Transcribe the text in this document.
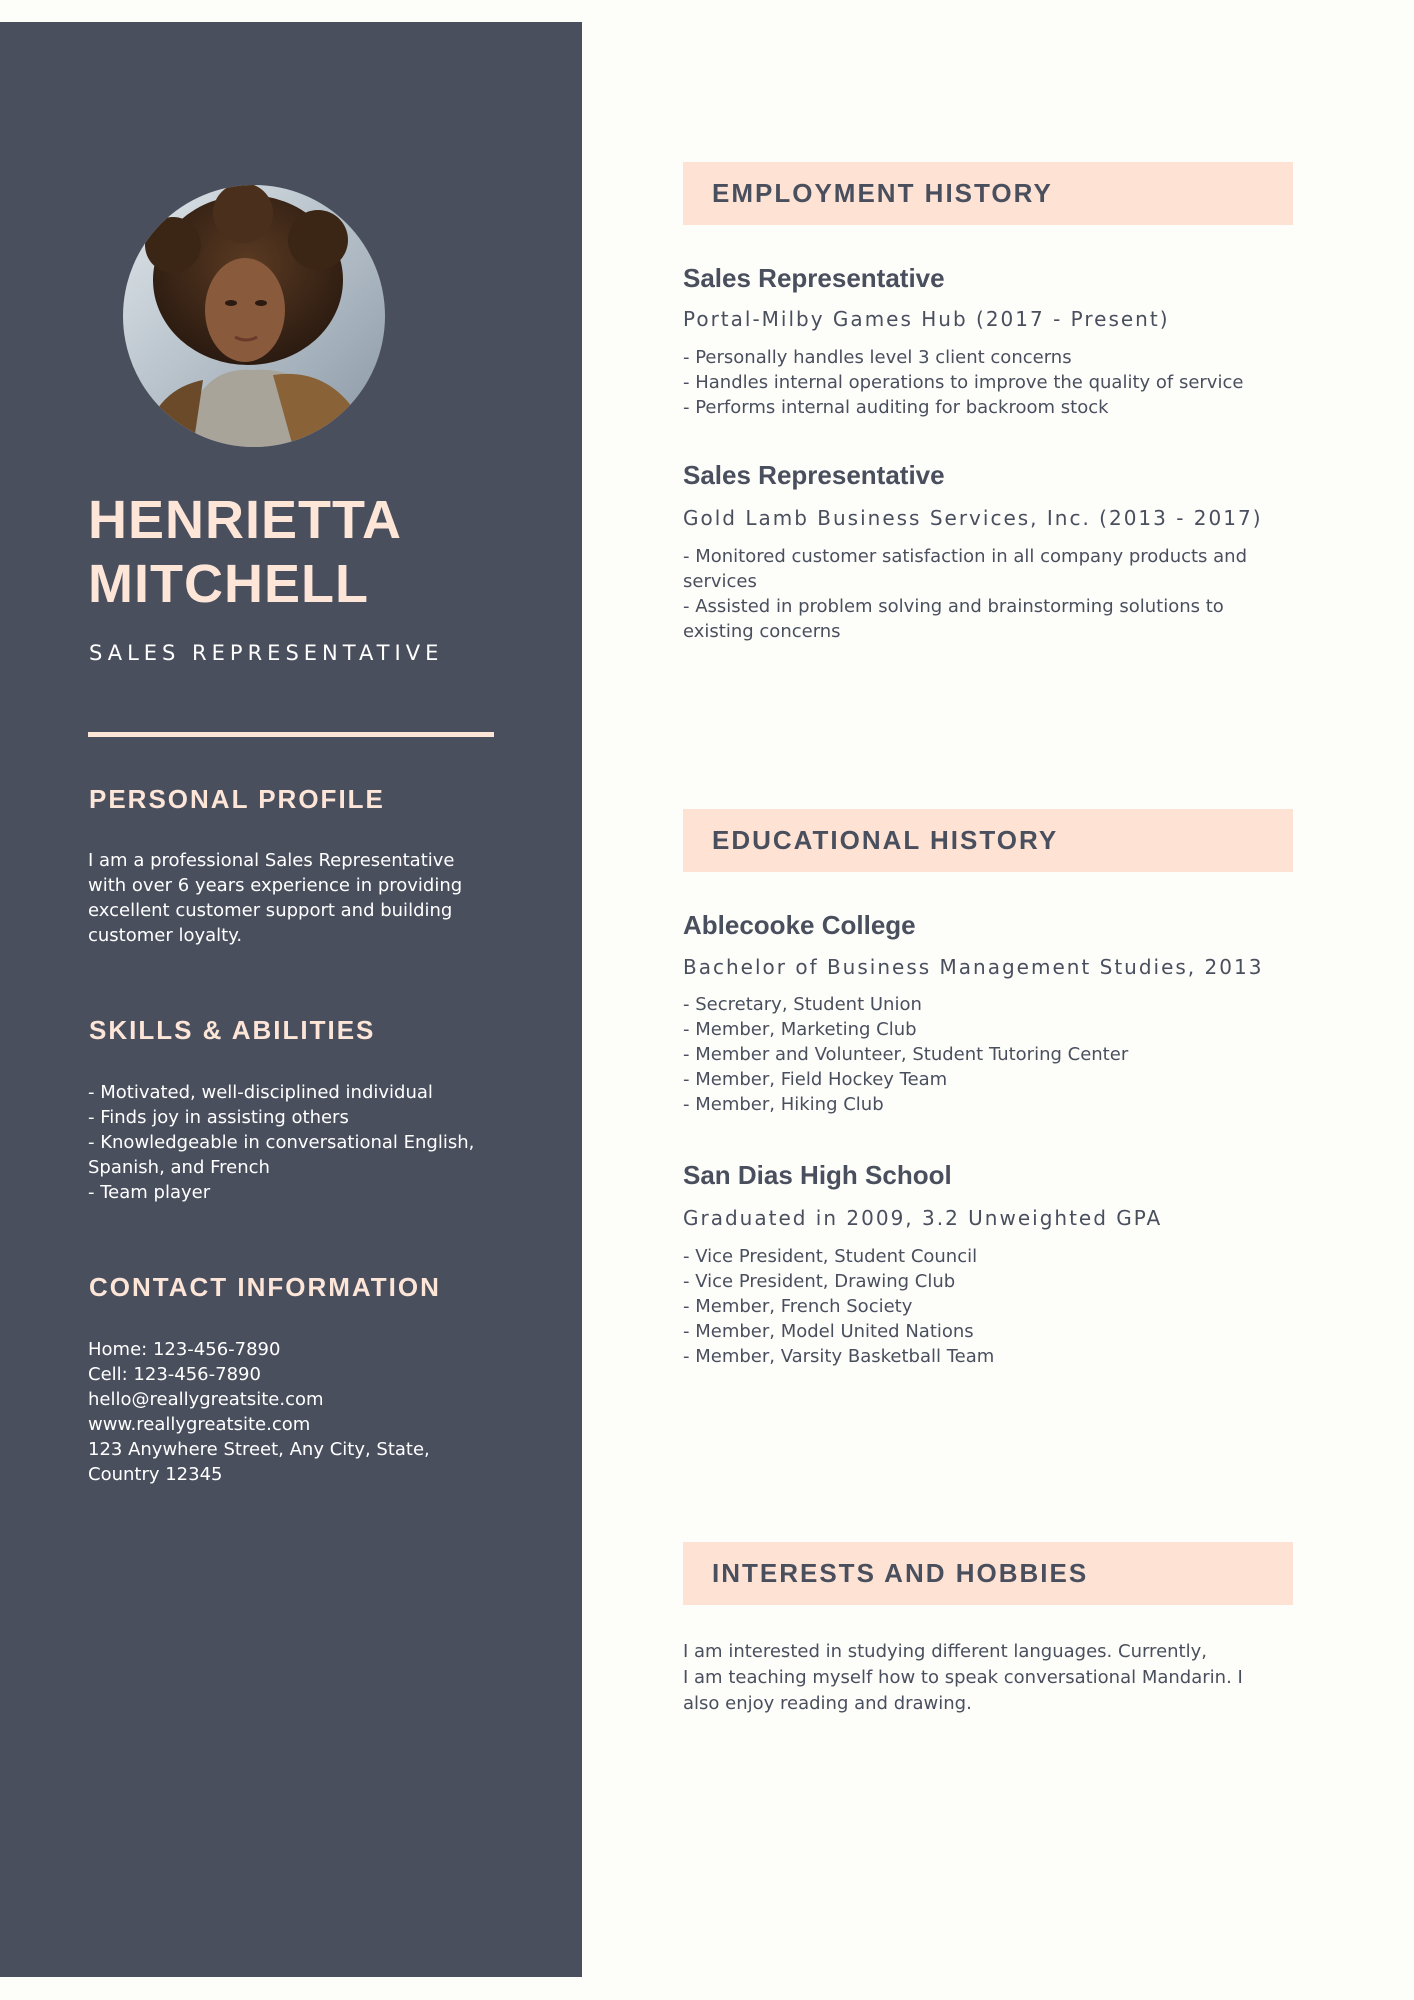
HENRIETTA
MITCHELL
SALES REPRESENTATIVE
PERSONAL PROFILE
I am a professional Sales Representative
with over 6 years experience in providing
excellent customer support and building
customer loyalty.
SKILLS & ABILITIES
- Motivated, well-disciplined individual
- Finds joy in assisting others
- Knowledgeable in conversational English,
Spanish, and French
- Team player
CONTACT INFORMATION
Home: 123-456-7890
Cell: 123-456-7890
hello@reallygreatsite.com
www.reallygreatsite.com
123 Anywhere Street, Any City, State,
Country 12345
EMPLOYMENT HISTORY
Sales Representative
Portal-Milby Games Hub (2017 - Present)
- Personally handles level 3 client concerns
- Handles internal operations to improve the quality of service
- Performs internal auditing for backroom stock
Sales Representative
Gold Lamb Business Services, Inc. (2013 - 2017)
- Monitored customer satisfaction in all company products and
services
- Assisted in problem solving and brainstorming solutions to
existing concerns
EDUCATIONAL HISTORY
Ablecooke College
Bachelor of Business Management Studies, 2013
- Secretary, Student Union
- Member, Marketing Club
- Member and Volunteer, Student Tutoring Center
- Member, Field Hockey Team
- Member, Hiking Club
San Dias High School
Graduated in 2009, 3.2 Unweighted GPA
- Vice President, Student Council
- Vice President, Drawing Club
- Member, French Society
- Member, Model United Nations
- Member, Varsity Basketball Team
INTERESTS AND HOBBIES
I am interested in studying different languages. Currently,
I am teaching myself how to speak conversational Mandarin. I
also enjoy reading and drawing.
